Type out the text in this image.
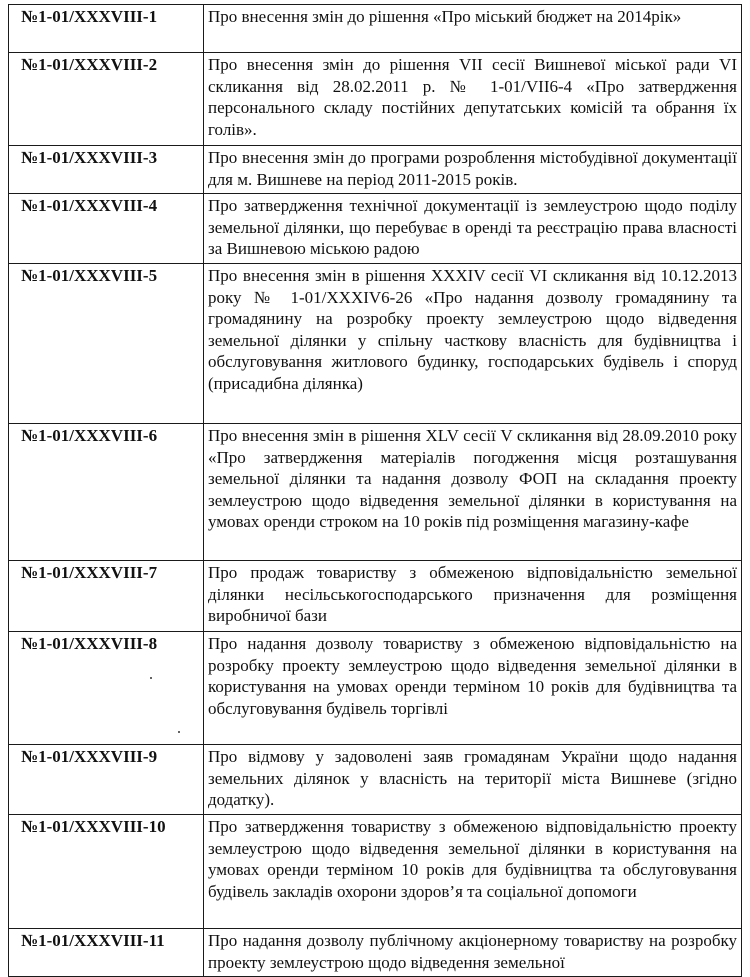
№1-01/XXXVIII-1	Про внесення змін до рішення «Про міський бюджет на 2014рік»
№1-01/XXXVIII-2	Про внесення змін до рішення VII сесії Вишневої міської ради VI скликання від 28.02.2011 р. № 1-01/VII6-4 «Про затвердження персонального складу постійних депутатських комісій та обрання їх голів».
№1-01/XXXVIII-3	Про внесення змін до програми розроблення містобудівної документації для м. Вишневе на період 2011-2015 років.
№1-01/XXXVIII-4	Про затвердження технічної документації із землеустрою щодо поділу земельної ділянки, що перебуває в оренді та реєстрацію права власності за Вишневою міською радою
№1-01/XXXVIII-5	Про внесення змін в рішення XXXIV сесії VI скликання від 10.12.2013 року № 1-01/XXXIV6-26 «Про надання дозволу громадянину та громадянину на розробку проекту землеустрою щодо відведення земельної ділянки у спільну часткову власність для будівництва і обслуговування житлового будинку, господарських будівель і споруд (присадибна ділянка)
№1-01/XXXVIII-6	Про внесення змін в рішення XLV сесії V скликання від 28.09.2010 року «Про затвердження матеріалів погодження місця розташування земельної ділянки та надання дозволу ФОП на складання проекту землеустрою щодо відведення земельної ділянки в користування на умовах оренди строком на 10 років під розміщення магазину-кафе
№1-01/XXXVIII-7	Про продаж товариству з обмеженою відповідальністю земельної ділянки несільськогосподарського призначення для розміщення виробничої бази
№1-01/XXXVIII-8	Про надання дозволу товариству з обмеженою відповідальністю на розробку проекту землеустрою щодо відведення земельної ділянки в користування на умовах оренди терміном 10 років для будівництва та обслуговування будівель торгівлі
№1-01/XXXVIII-9	Про відмову у задоволені заяв громадянам України щодо надання земельних ділянок у власність на території міста Вишневе (згідно додатку).
№1-01/XXXVIII-10	Про затвердження товариству з обмеженою відповідальністю проекту землеустрою щодо відведення земельної ділянки в користування на умовах оренди терміном 10 років для будівництва та обслуговування будівель закладів охорони здоров’я та соціальної допомоги
№1-01/XXXVIII-11	Про надання дозволу публічному акціонерному товариству на розробку проекту землеустрою щодо відведення земельної
